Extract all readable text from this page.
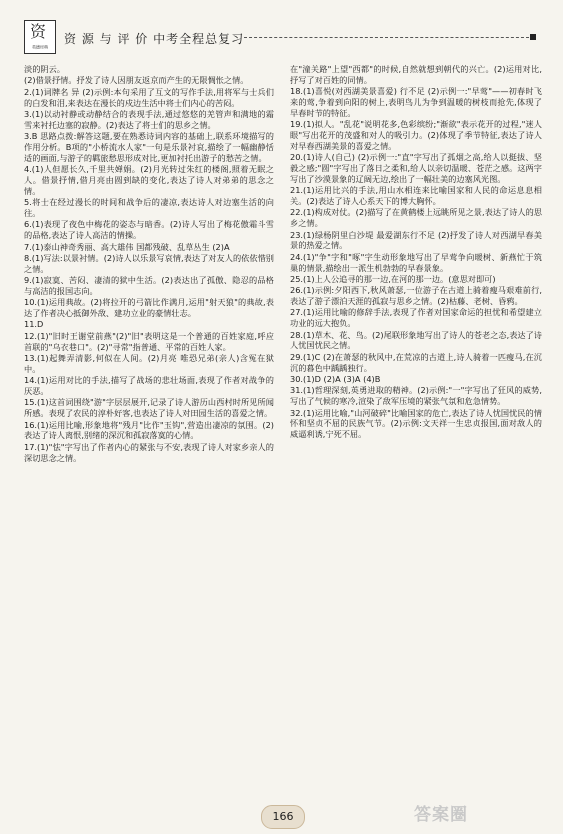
资
英德经典
资 源 与 评 价 中考全程总复习

淡的阴云。

(2)借景抒情。抒发了诗人因朋友返京而产生的无限惆怅之情。

2.(1)词牌名 异 (2)示例:本句采用了互文的写作手法,用将军与士兵们的白发和泪,来表达在漫长的戍边生活中将士们内心的苦闷。

3.(1)以动衬静或动静结合的表现手法,通过悠悠的羌管声和满地的霜雪来衬托边塞的寂静。(2)表达了将士们的思乡之情。

3.B 思路点拨:解答这题,要在熟悉诗词内容的基础上,联系环境描写的作用分析。B项的"小桥流水人家"一句是乐景衬哀,描绘了一幅幽静恬适的画面,与游子的羁旅愁思形成对比,更加衬托出游子的愁苦之情。

4.(1)人但愿长久,千里共婵娟。(2)月光转过朱红的楼阁,照着无眠之人。借景抒情,借月亮由圆到缺的变化,表达了诗人对弟弟的思念之情。

5.将士在经过漫长的时间和战争后的凄凉,表达诗人对边塞生活的向往。

6.(1)表现了夜色中梅花的姿态与暗香。(2)诗人写出了梅花傲霜斗雪的品格,表达了诗人高洁的情操。

7.(1)泰山神奇秀丽、高大雄伟 国都残破、乱草丛生 (2)A

8.(1)写法:以景衬情。(2)诗人以乐景写哀情,表达了对友人的依依惜别之情。

9.(1)寂寞、苦闷、凄清的狱中生活。(2)表达出了孤傲、隐忍的品格与高洁的报国志向。

10.(1)运用典故。(2)将拉开的弓箭比作满月,运用"射天狼"的典故,表达了作者决心抵御外敌、建功立业的豪情壮志。

11.D

12.(1)"旧时王谢堂前燕"(2)"旧"表明这是一个普通的百姓家庭,呼应首联的"乌衣巷口"。(2)"寻常"指普通、平常的百姓人家。

13.(1)起舞弄清影,何似在人间。(2)月亮 唯恐兄弟(亲人)含冤在狱中。

14.(1)运用对比的手法,描写了战场的悲壮场面,表现了作者对战争的厌恶。

15.(1)这首词围绕"游"字层层展开,记录了诗人游历山西村时所见所闻所感。表现了农民的淳朴好客,也表达了诗人对田园生活的喜爱之情。

16.(1)运用比喻,形象地将"残月"比作"玉钩",营造出凄凉的氛围。(2)表达了诗人离恨,别绪的深沉和孤寂落寞的心情。

17.(1)"怯"字写出了作者内心的紧张与不安,表现了诗人对家乡亲人的深切思念之情。

在"潼关路"上望"西都"的时候,自然就想到朝代的兴亡。(2)运用对比,抒写了对百姓的同情。

18.(1)喜悦(对西湖美景喜爱) 行不足 (2)示例一:"早莺"——初春时飞来的莺,争着到向阳的树上,表明鸟儿为争到温暖的树枝而抢先,体现了早春时节的特征。

19.(1)拟人。"乱花"说明花多,色彩缤纷;"渐欲"表示花开的过程,"迷人眼"写出花开的茂盛和对人的吸引力。(2)体现了季节特征,表达了诗人对早春西湖美景的喜爱之情。

20.(1)诗人(自己) (2)示例一:"直"字写出了孤烟之高,给人以挺拔、坚毅之感;"圆"字写出了落日之柔和,给人以亲切温暖、苍茫之感。这两字写出了沙漠景象的辽阔无边,绘出了一幅壮美的边塞风光图。

21.(1)运用比兴的手法,用山水相连来比喻国家和人民的命运息息相关。(2)表达了诗人心系天下的博大胸怀。

22.(1)构成对仗。(2)描写了在黄鹤楼上远眺所见之景,表达了诗人的思乡之情。

23.(1)绿杨阴里白沙堤 最爱湖东行不足 (2)抒发了诗人对西湖早春美景的热爱之情。

24.(1)"争"字和"啄"字生动形象地写出了早莺争向暖树、新燕忙于筑巢的情景,描绘出一派生机勃勃的早春景象。

25.(1)上人公追寻的那一边,在河的那一边。(意思对即可)

26.(1)示例:夕阳西下,秋风萧瑟,一位游子在古道上骑着瘦马艰难前行,表达了游子漂泊天涯的孤寂与思乡之情。(2)枯藤、老树、昏鸦。

27.(1)运用比喻的修辞手法,表现了作者对国家命运的担忧和希望建立功业的远大抱负。

28.(1)草木、花、鸟。(2)尾联形象地写出了诗人的苍老之态,表达了诗人忧国忧民之情。

29.(1)C (2)在萧瑟的秋风中,在荒凉的古道上,诗人骑着一匹瘦马,在沉沉的暮色中踽踽独行。

30.(1)D (2)A (3)A (4)B

31.(1)哲理深刻,英勇进取的精神。(2)示例:"一"字写出了狂风的威势,写出了气候的寒冷,渲染了敌军压境的紧张气氛和危急情势。

32.(1)运用比喻,"山河破碎"比喻国家的危亡,表达了诗人忧国忧民的情怀和坚贞不屈的民族气节。(2)示例:文天祥一生忠贞报国,面对敌人的威逼利诱,宁死不屈。

166	答案圈
